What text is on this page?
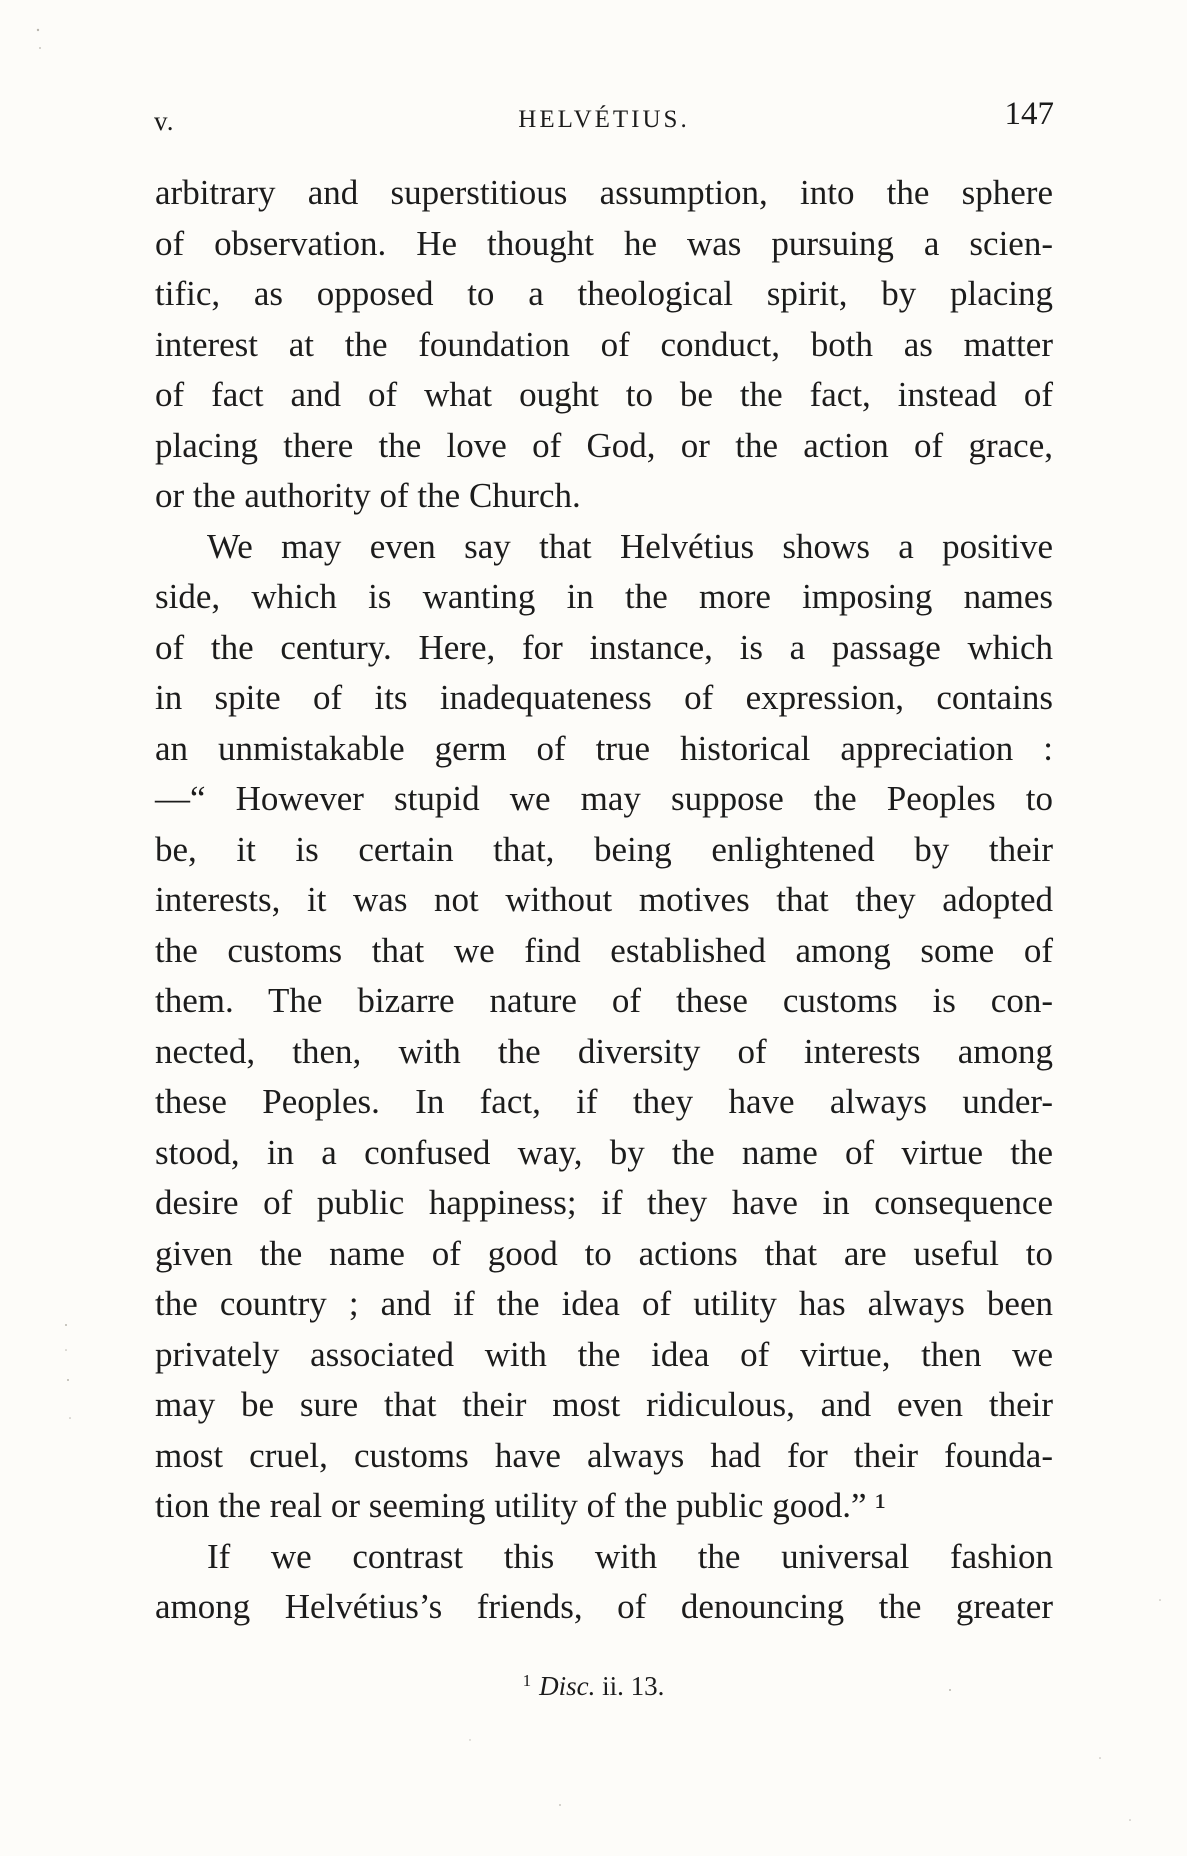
v.	HELVÉTIUS.	147
arbitrary and superstitious assumption, into the sphere
of observation. He thought he was pursuing a scien-
tific, as opposed to a theological spirit, by placing
interest at the foundation of conduct, both as matter
of fact and of what ought to be the fact, instead of
placing there the love of God, or the action of grace,
or the authority of the Church.
We may even say that Helvétius shows a positive
side, which is wanting in the more imposing names
of the century. Here, for instance, is a passage which
in spite of its inadequateness of expression, contains
an unmistakable germ of true historical appreciation :
—“ However stupid we may suppose the Peoples to
be, it is certain that, being enlightened by their
interests, it was not without motives that they adopted
the customs that we find established among some of
them. The bizarre nature of these customs is con-
nected, then, with the diversity of interests among
these Peoples. In fact, if they have always under-
stood, in a confused way, by the name of virtue the
desire of public happiness; if they have in consequence
given the name of good to actions that are useful to
the country ; and if the idea of utility has always been
privately associated with the idea of virtue, then we
may be sure that their most ridiculous, and even their
most cruel, customs have always had for their founda-
tion the real or seeming utility of the public good.” ¹
If we contrast this with the universal fashion
among Helvétius’s friends, of denouncing the greater
$^1$ Disc. ii. 13.
